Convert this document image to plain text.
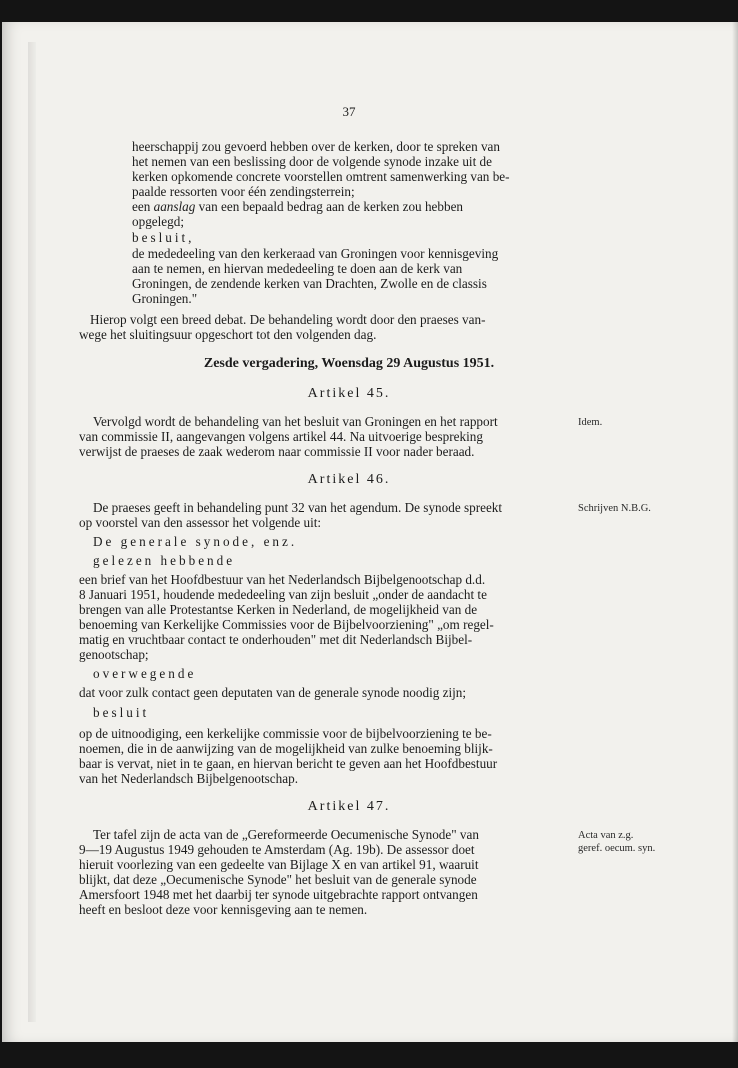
37
heerschappij zou gevoerd hebben over de kerken, door te spreken van
het nemen van een beslissing door de volgende synode inzake uit de
kerken opkomende concrete voorstellen omtrent samenwerking van be-
paalde ressorten voor één zendingsterrein;
een aanslag van een bepaald bedrag aan de kerken zou hebben
opgelegd;
besluit,
de mededeeling van den kerkeraad van Groningen voor kennisgeving
aan te nemen, en hiervan mededeeling te doen aan de kerk van
Groningen, de zendende kerken van Drachten, Zwolle en de classis
Groningen."
Hierop volgt een breed debat. De behandeling wordt door den praeses van-
wege het sluitingsuur opgeschort tot den volgenden dag.
Zesde vergadering, Woensdag 29 Augustus 1951.
Artikel 45.
Vervolgd wordt de behandeling van het besluit van Groningen en het rapport
van commissie II, aangevangen volgens artikel 44. Na uitvoerige bespreking
verwijst de praeses de zaak wederom naar commissie II voor nader beraad.
Idem.
Artikel 46.
De praeses geeft in behandeling punt 32 van het agendum. De synode spreekt
op voorstel van den assessor het volgende uit:
Schrijven N.B.G.
De generale synode, enz.
gelezen hebbende
een brief van het Hoofdbestuur van het Nederlandsch Bijbelgenootschap d.d.
8 Januari 1951, houdende mededeeling van zijn besluit „onder de aandacht te
brengen van alle Protestantse Kerken in Nederland, de mogelijkheid van de
benoeming van Kerkelijke Commissies voor de Bijbelvoorziening" „om regel-
matig en vruchtbaar contact te onderhouden" met dit Nederlandsch Bijbel-
genootschap;
overwegende
dat voor zulk contact geen deputaten van de generale synode noodig zijn;
besluit
op de uitnoodiging, een kerkelijke commissie voor de bijbelvoorziening te be-
noemen, die in de aanwijzing van de mogelijkheid van zulke benoeming blijk-
baar is vervat, niet in te gaan, en hiervan bericht te geven aan het Hoofdbestuur
van het Nederlandsch Bijbelgenootschap.
Artikel 47.
Ter tafel zijn de acta van de „Gereformeerde Oecumenische Synode" van
9—19 Augustus 1949 gehouden te Amsterdam (Ag. 19b). De assessor doet
hieruit voorlezing van een gedeelte van Bijlage X en van artikel 91, waaruit
blijkt, dat deze „Oecumenische Synode" het besluit van de generale synode
Amersfoort 1948 met het daarbij ter synode uitgebrachte rapport ontvangen
heeft en besloot deze voor kennisgeving aan te nemen.
Acta van z.g.
geref. oecum. syn.
